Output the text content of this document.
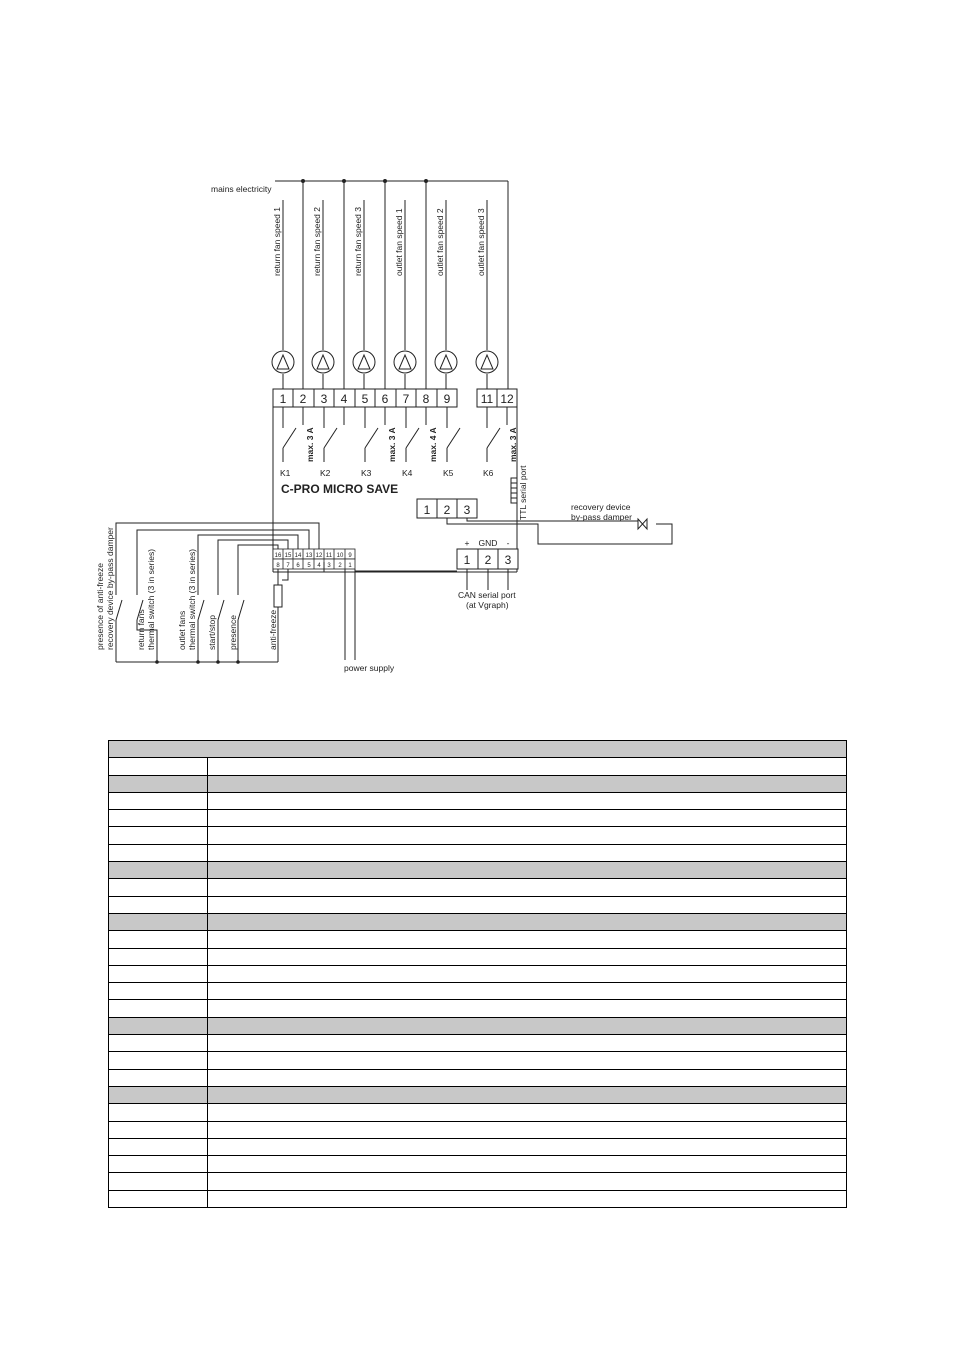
mains electricity
return fan speed 1	return fan speed 2	return fan speed 3	outlet fan speed 1	outlet fan speed 2	outlet fan speed 3
1 2 3 4 5 6 7 8 9	11 12
max. 3 A	max. 3 A	max. 4 A	max. 3 A
K1	K2	K3	K4	K5	K6
C-PRO MICRO SAVE	TTL serial port
1 2 3	recovery device
by-pass damper
+ GND -
1 2 3
CAN serial port
(at Vgraph)
16 15 14 13 12 11 10 9
8 7 6 5 4 3 2 1
presence of anti-freeze recovery device by-pass damper return fans thermal switch (3 in series) outlet fans thermal switch (3 in series) start/stop presence	anti-freeze
power supply
